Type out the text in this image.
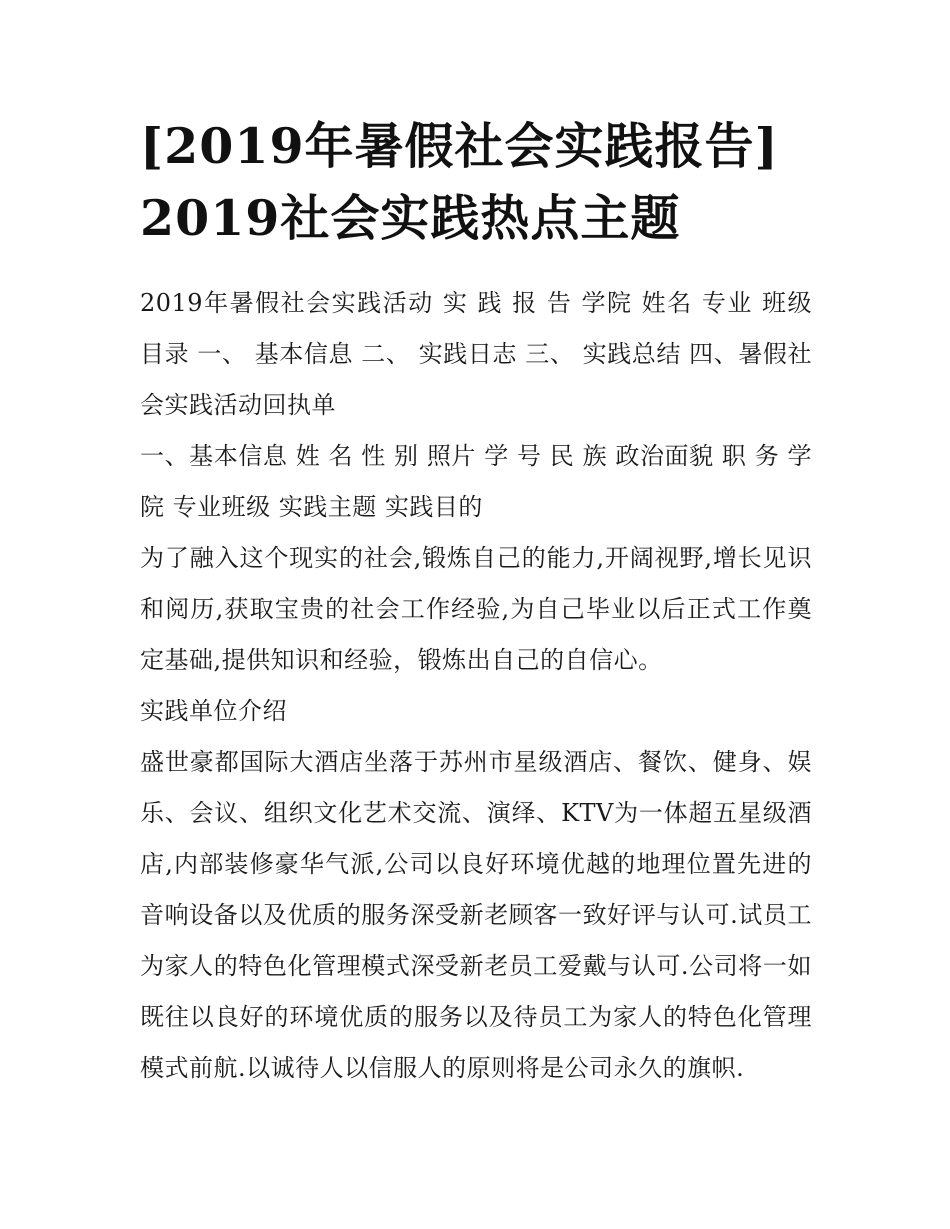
[2019年暑假社会实践报告]
2019社会实践热点主题

2019年暑假社会实践活动 实 践 报 告 学院 姓名 专业 班级 目录 一、 基本信息 二、 实践日志 三、 实践总结 四、暑假社会实践活动回执单

一、基本信息 姓 名 性 别 照片 学 号 民 族 政治面貌 职 务 学院 专业班级 实践主题 实践目的

为了融入这个现实的社会,锻炼自己的能力,开阔视野,增长见识和阅历,获取宝贵的社会工作经验,为自己毕业以后正式工作奠定基础,提供知识和经验，锻炼出自己的自信心。

实践单位介绍

盛世豪都国际大酒店坐落于苏州市星级酒店、餐饮、健身、娱乐、会议、组织文化艺术交流、演绎、KTV为一体超五星级酒店,内部装修豪华气派,公司以良好环境优越的地理位置先进的音响设备以及优质的服务深受新老顾客一致好评与认可.试员工为家人的特色化管理模式深受新老员工爱戴与认可.公司将一如既往以良好的环境优质的服务以及待员工为家人的特色化管理模式前航.以诚待人以信服人的原则将是公司永久的旗帜.
